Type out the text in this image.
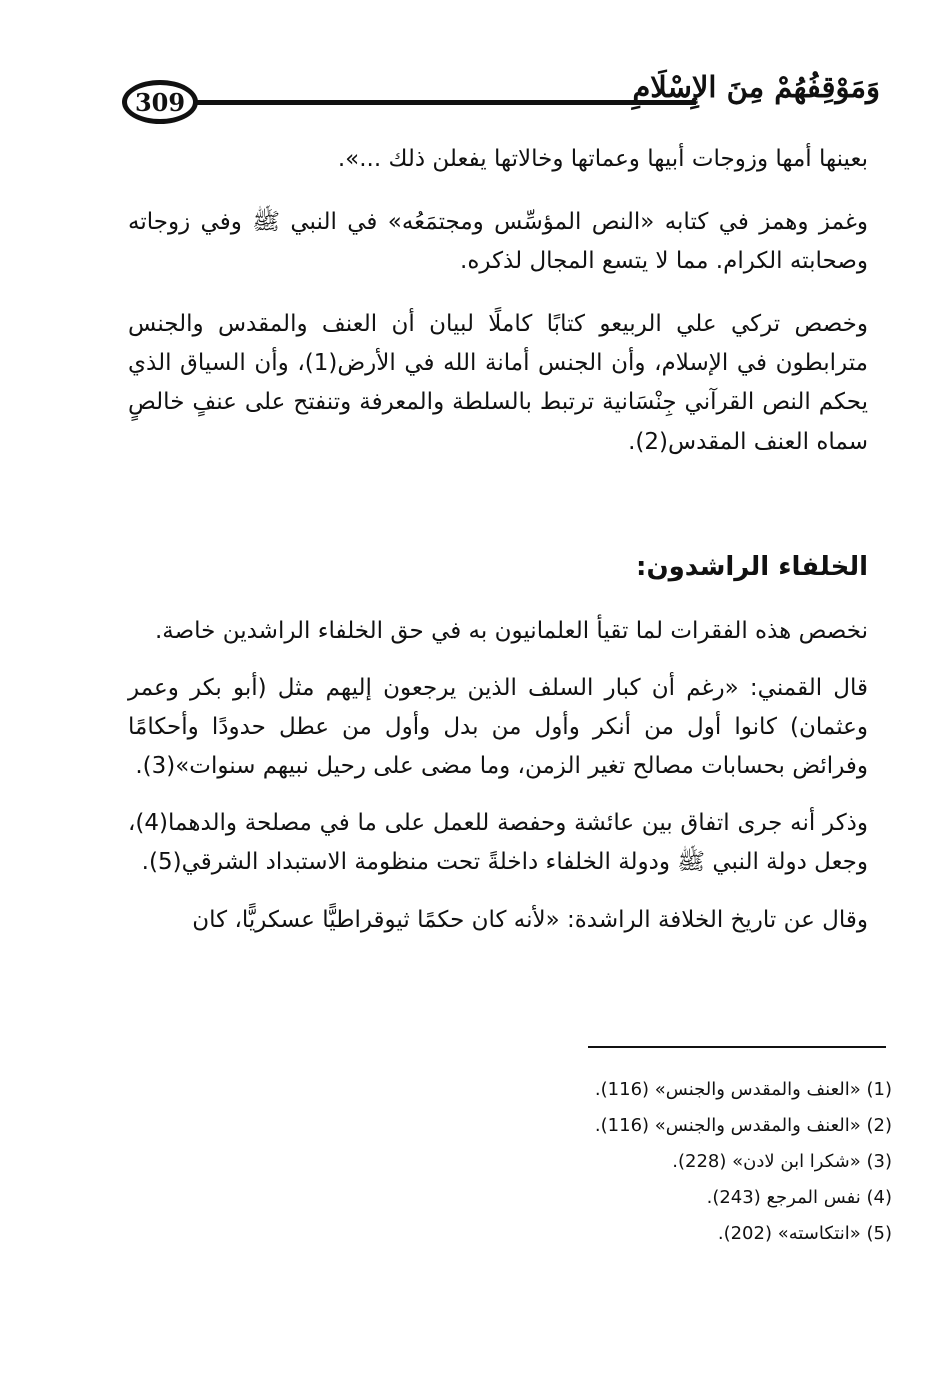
309	وَمَوْقِفُهُمْ مِنَ الإِسْلَامِ

بعينها أمها وزوجات أبيها وعماتها وخالاتها يفعلن ذلك ...».

وغمز وهمز في كتابه «النص المؤسِّس ومجتمَعُه» في النبي ﷺ وفي زوجاته وصحابته الكرام. مما لا يتسع المجال لذكره.

وخصص تركي علي الربيعو كتابًا كاملًا لبيان أن العنف والمقدس والجنس مترابطون في الإسلام، وأن الجنس أمانة الله في الأرض(1)، وأن السياق الذي يحكم النص القرآني جِنْسَانية ترتبط بالسلطة والمعرفة وتنفتح على عنفٍ خالصٍ سماه العنف المقدس(2).

الخلفاء الراشدون:

نخصص هذه الفقرات لما تقيأ العلمانيون به في حق الخلفاء الراشدين خاصة.

قال القمني: «رغم أن كبار السلف الذين يرجعون إليهم مثل (أبو بكر وعمر وعثمان) كانوا أول من أنكر وأول من بدل وأول من عطل حدودًا وأحكامًا وفرائض بحسابات مصالح تغير الزمن، وما مضى على رحيل نبيهم سنوات»(3).

وذكر أنه جرى اتفاق بين عائشة وحفصة للعمل على ما في مصلحة والدهما(4)، وجعل دولة النبي ﷺ ودولة الخلفاء داخلةً تحت منظومة الاستبداد الشرقي(5).

وقال عن تاريخ الخلافة الراشدة: «لأنه كان حكمًا ثيوقراطيًّا عسكريًّا، كان

(1) «العنف والمقدس والجنس» (116).
(2) «العنف والمقدس والجنس» (116).
(3) «شكرا ابن لادن» (228).
(4) نفس المرجع (243).
(5) «انتكاسته» (202).
